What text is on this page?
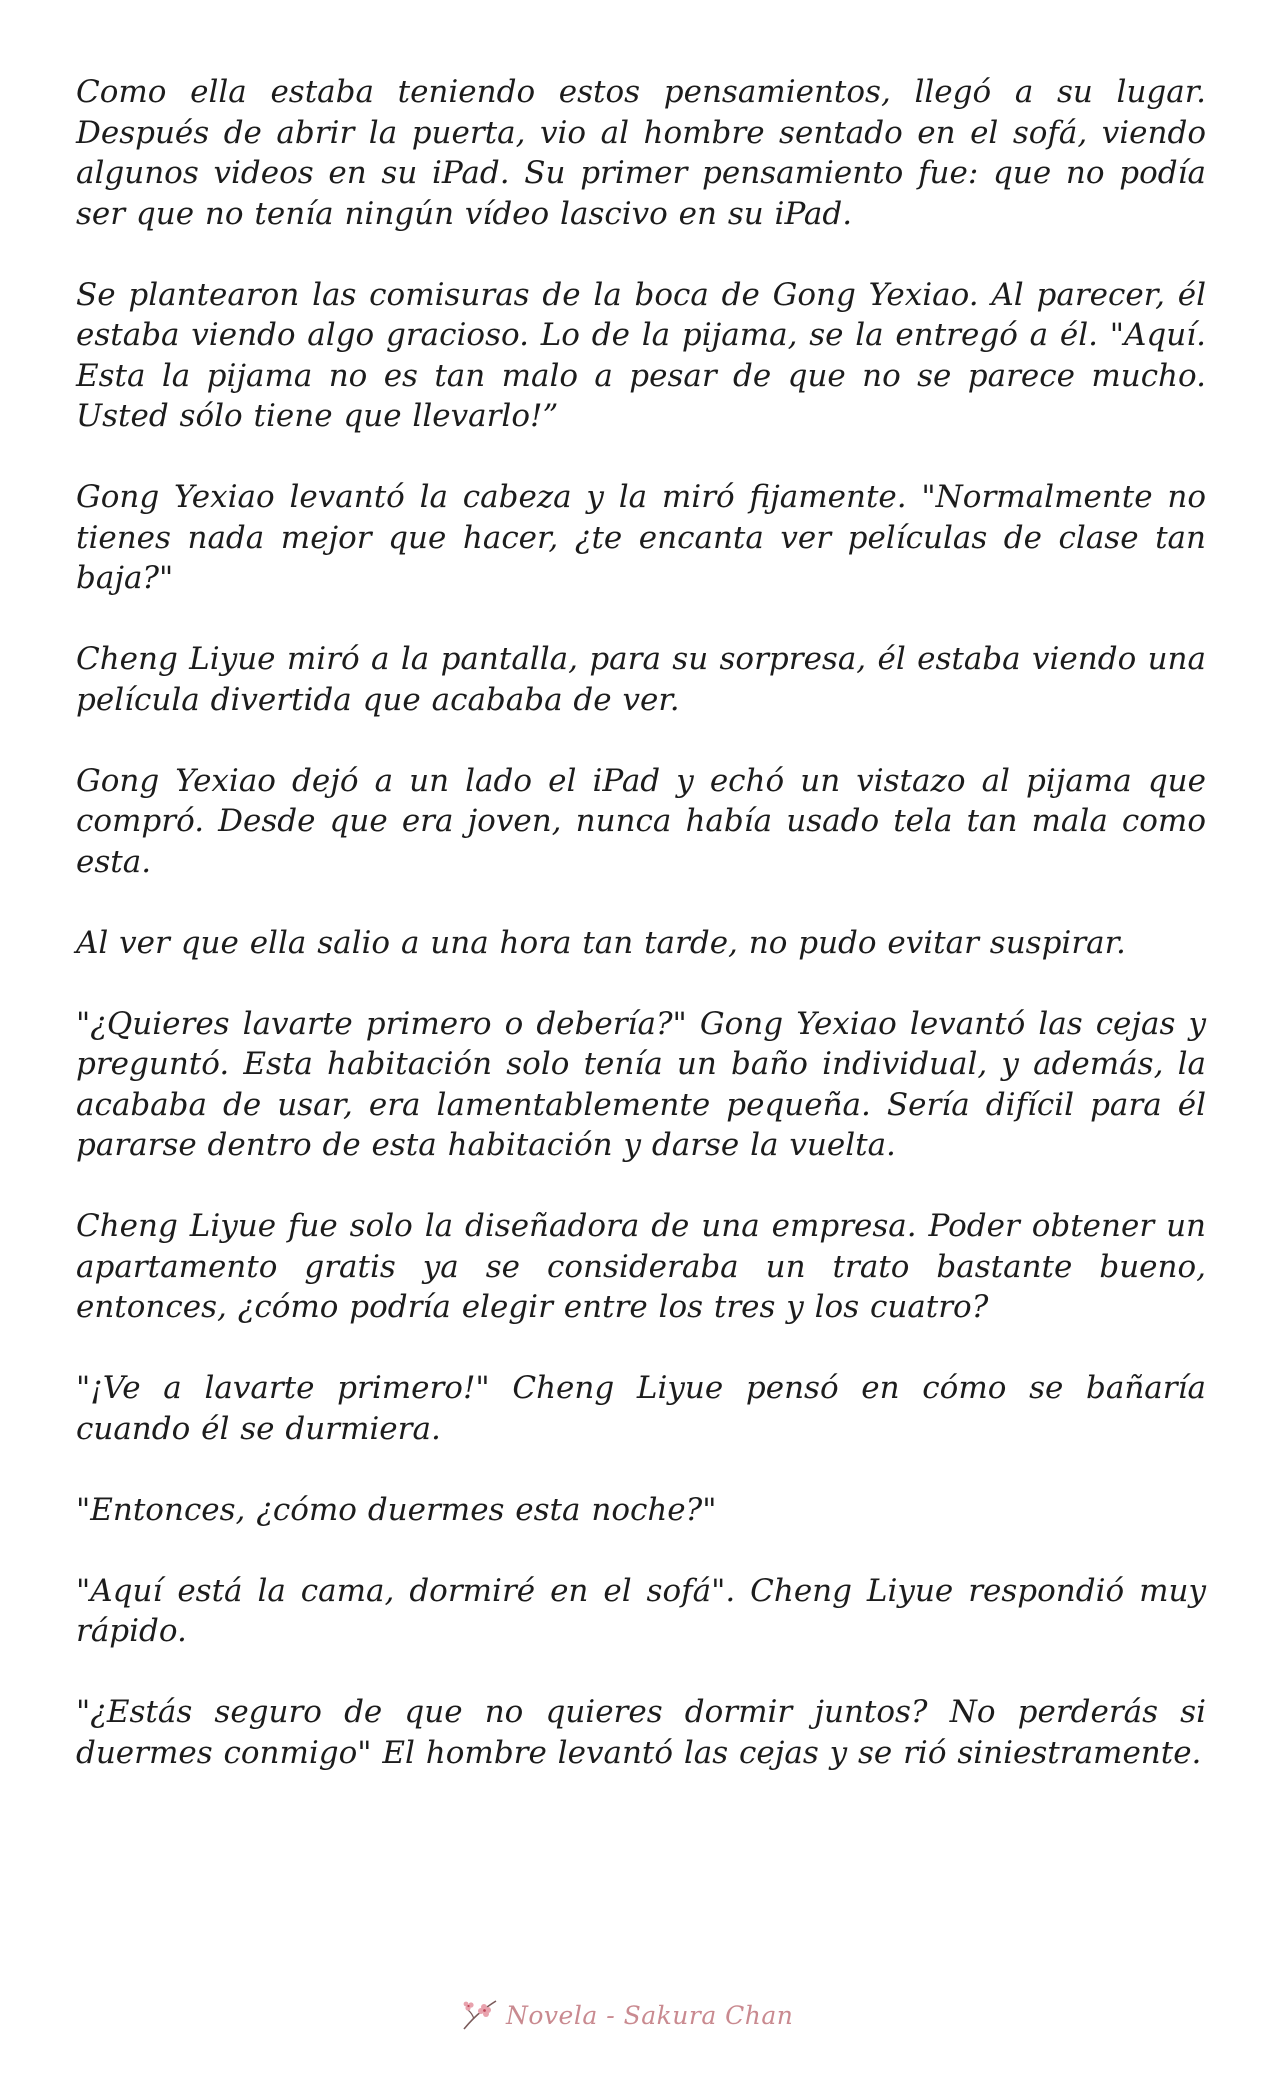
Como ella estaba teniendo estos pensamientos, llegó a su lugar. Después de abrir la puerta, vio al hombre sentado en el sofá, viendo algunos videos en su iPad. Su primer pensamiento fue: que no podía ser que no tenía ningún vídeo lascivo en su iPad.

Se plantearon las comisuras de la boca de Gong Yexiao. Al parecer, él estaba viendo algo gracioso. Lo de la pijama, se la entregó a él. "Aquí. Esta la pijama no es tan malo a pesar de que no se parece mucho. Usted sólo tiene que llevarlo!”

Gong Yexiao levantó la cabeza y la miró fijamente. "Normalmente no tienes nada mejor que hacer, ¿te encanta ver películas de clase tan baja?"

Cheng Liyue miró a la pantalla, para su sorpresa, él estaba viendo una película divertida que acababa de ver.

Gong Yexiao dejó a un lado el iPad y echó un vistazo al pijama que compró. Desde que era joven, nunca había usado tela tan mala como esta.

Al ver que ella salio a una hora tan tarde, no pudo evitar suspirar.

"¿Quieres lavarte primero o debería?" Gong Yexiao levantó las cejas y preguntó. Esta habitación solo tenía un baño individual, y además, la acababa de usar, era lamentablemente pequeña. Sería difícil para él pararse dentro de esta habitación y darse la vuelta.

Cheng Liyue fue solo la diseñadora de una empresa. Poder obtener un apartamento gratis ya se consideraba un trato bastante bueno, entonces, ¿cómo podría elegir entre los tres y los cuatro?

"¡Ve a lavarte primero!" Cheng Liyue pensó en cómo se bañaría cuando él se durmiera.

"Entonces, ¿cómo duermes esta noche?"

"Aquí está la cama, dormiré en el sofá". Cheng Liyue respondió muy rápido.

"¿Estás seguro de que no quieres dormir juntos? No perderás si duermes conmigo" El hombre levantó las cejas y se rió siniestramente.

Novela - Sakura Chan
